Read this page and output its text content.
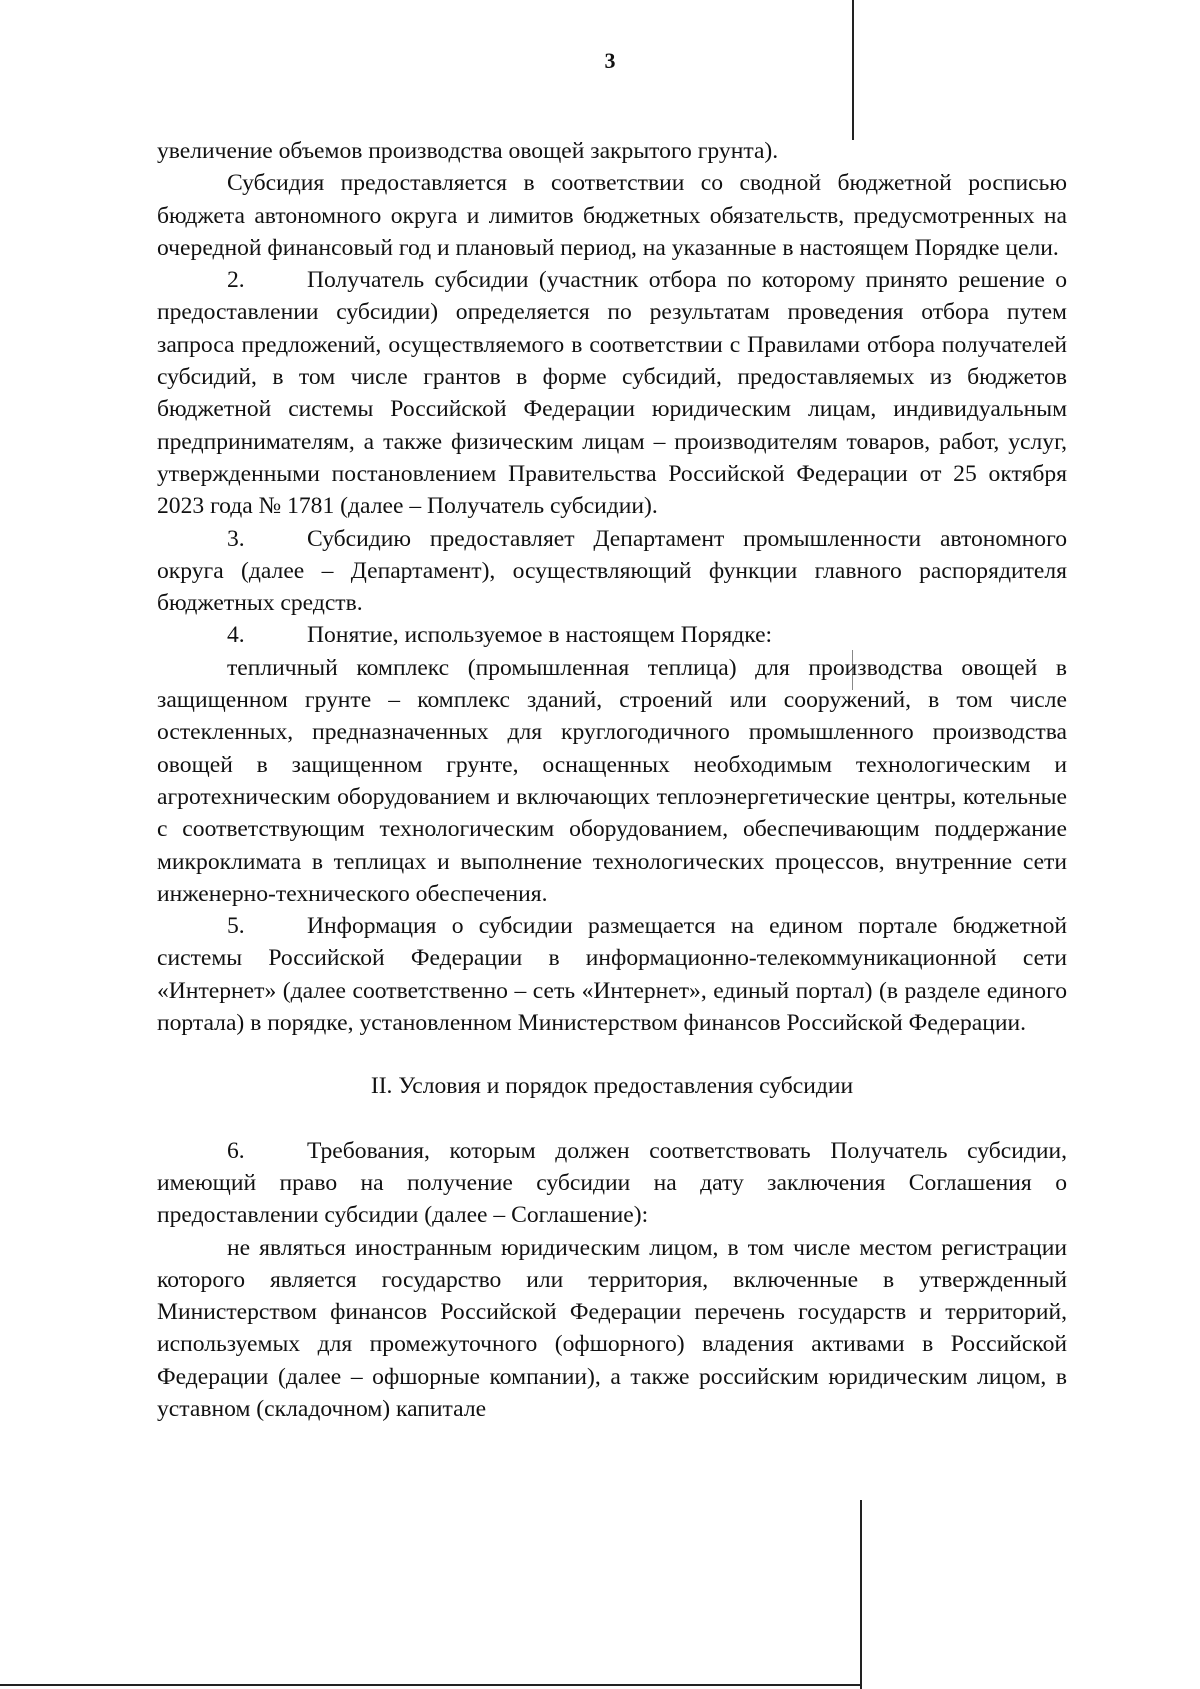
3

увеличение объемов производства овощей закрытого грунта).

Субсидия предоставляется в соответствии со сводной бюджетной росписью бюджета автономного округа и лимитов бюджетных обязательств, предусмотренных на очередной финансовый год и плановый период, на указанные в настоящем Порядке цели.

2.	Получатель субсидии (участник отбора по которому принято решение о предоставлении субсидии) определяется по результатам проведения отбора путем запроса предложений, осуществляемого в соответствии с Правилами отбора получателей субсидий, в том числе грантов в форме субсидий, предоставляемых из бюджетов бюджетной системы Российской Федерации юридическим лицам, индивидуальным предпринимателям, а также физическим лицам – производителям товаров, работ, услуг, утвержденными постановлением Правительства Российской Федерации от 25 октября 2023 года № 1781 (далее – Получатель субсидии).

3.	Субсидию предоставляет Департамент промышленности автономного округа (далее – Департамент), осуществляющий функции главного распорядителя бюджетных средств.

4.	Понятие, используемое в настоящем Порядке:

тепличный комплекс (промышленная теплица) для производства овощей в защищенном грунте – комплекс зданий, строений или сооружений, в том числе остекленных, предназначенных для круглогодичного промышленного производства овощей в защищенном грунте, оснащенных необходимым технологическим и агротехническим оборудованием и включающих теплоэнергетические центры, котельные с соответствующим технологическим оборудованием, обеспечивающим поддержание микроклимата в теплицах и выполнение технологических процессов, внутренние сети инженерно-технического обеспечения.

5.	Информация о субсидии размещается на едином портале бюджетной системы Российской Федерации в информационно-телекоммуникационной сети «Интернет» (далее соответственно – сеть «Интернет», единый портал) (в разделе единого портала) в порядке, установленном Министерством финансов Российской Федерации.

II. Условия и порядок предоставления субсидии

6.	Требования, которым должен соответствовать Получатель субсидии, имеющий право на получение субсидии на дату заключения Соглашения о предоставлении субсидии (далее – Соглашение):

не являться иностранным юридическим лицом, в том числе местом регистрации которого является государство или территория, включенные в утвержденный Министерством финансов Российской Федерации перечень государств и территорий, используемых для промежуточного (офшорного) владения активами в Российской Федерации (далее – офшорные компании), а также российским юридическим лицом, в уставном (складочном) капитале
